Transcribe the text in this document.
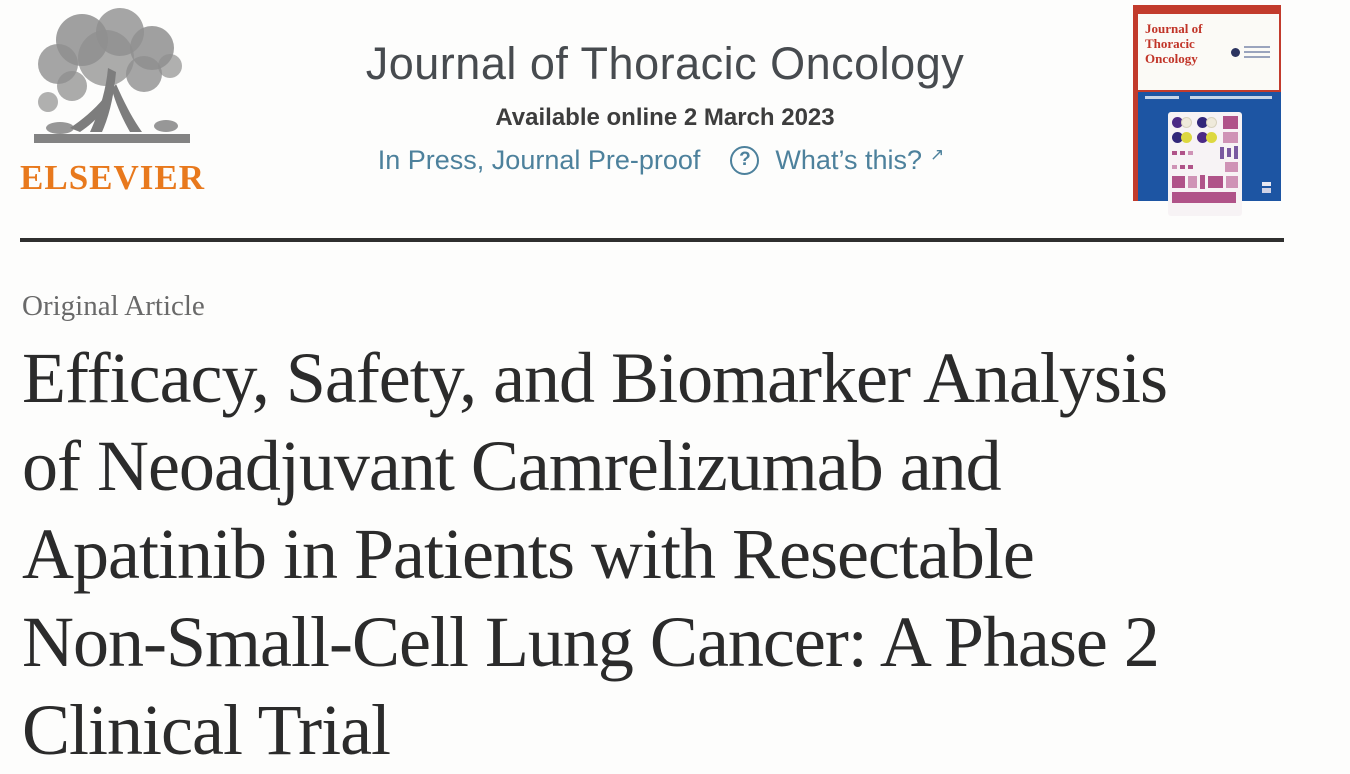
ELSEVIER
Journal of Thoracic Oncology
Available online 2 March 2023
In Press, Journal Pre-proof	? What’s this? ↗
Journal of
Thoracic
Oncology
Original Article
Efficacy, Safety, and Biomarker Analysis
of Neoadjuvant Camrelizumab and
Apatinib in Patients with Resectable
Non-Small-Cell Lung Cancer: A Phase 2
Clinical Trial
